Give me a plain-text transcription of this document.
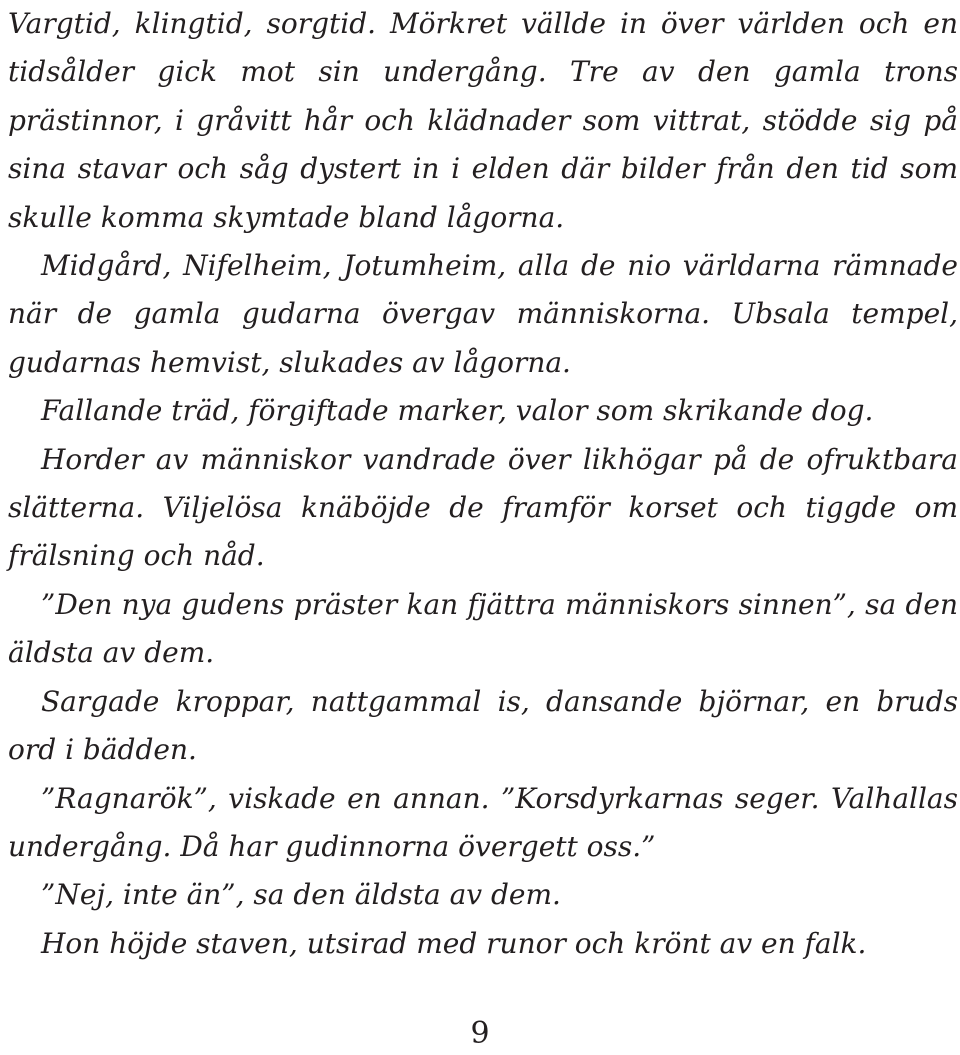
Vargtid, klingtid, sorgtid. Mörkret vällde in över världen och en tidsålder gick mot sin undergång. Tre av den gamla trons prästinnor, i gråvitt hår och klädnader som vittrat, stödde sig på sina stavar och såg dystert in i elden där bilder från den tid som skulle komma skymtade bland lågorna.

Midgård, Nifelheim, Jotumheim, alla de nio världarna rämnade när de gamla gudarna övergav människorna. Ubsala tempel, gudarnas hemvist, slukades av lågorna.

Fallande träd, förgiftade marker, valor som skrikande dog.

Horder av människor vandrade över likhögar på de ofruktbara slätterna. Viljelösa knäböjde de framför korset och tiggde om frälsning och nåd.

”Den nya gudens präster kan fjättra människors sinnen”, sa den äldsta av dem.

Sargade kroppar, nattgammal is, dansande björnar, en bruds ord i bädden.

”Ragnarök”, viskade en annan. ”Korsdyrkarnas seger. Valhallas undergång. Då har gudinnorna övergett oss.”

”Nej, inte än”, sa den äldsta av dem.

Hon höjde staven, utsirad med runor och krönt av en falk.

9
